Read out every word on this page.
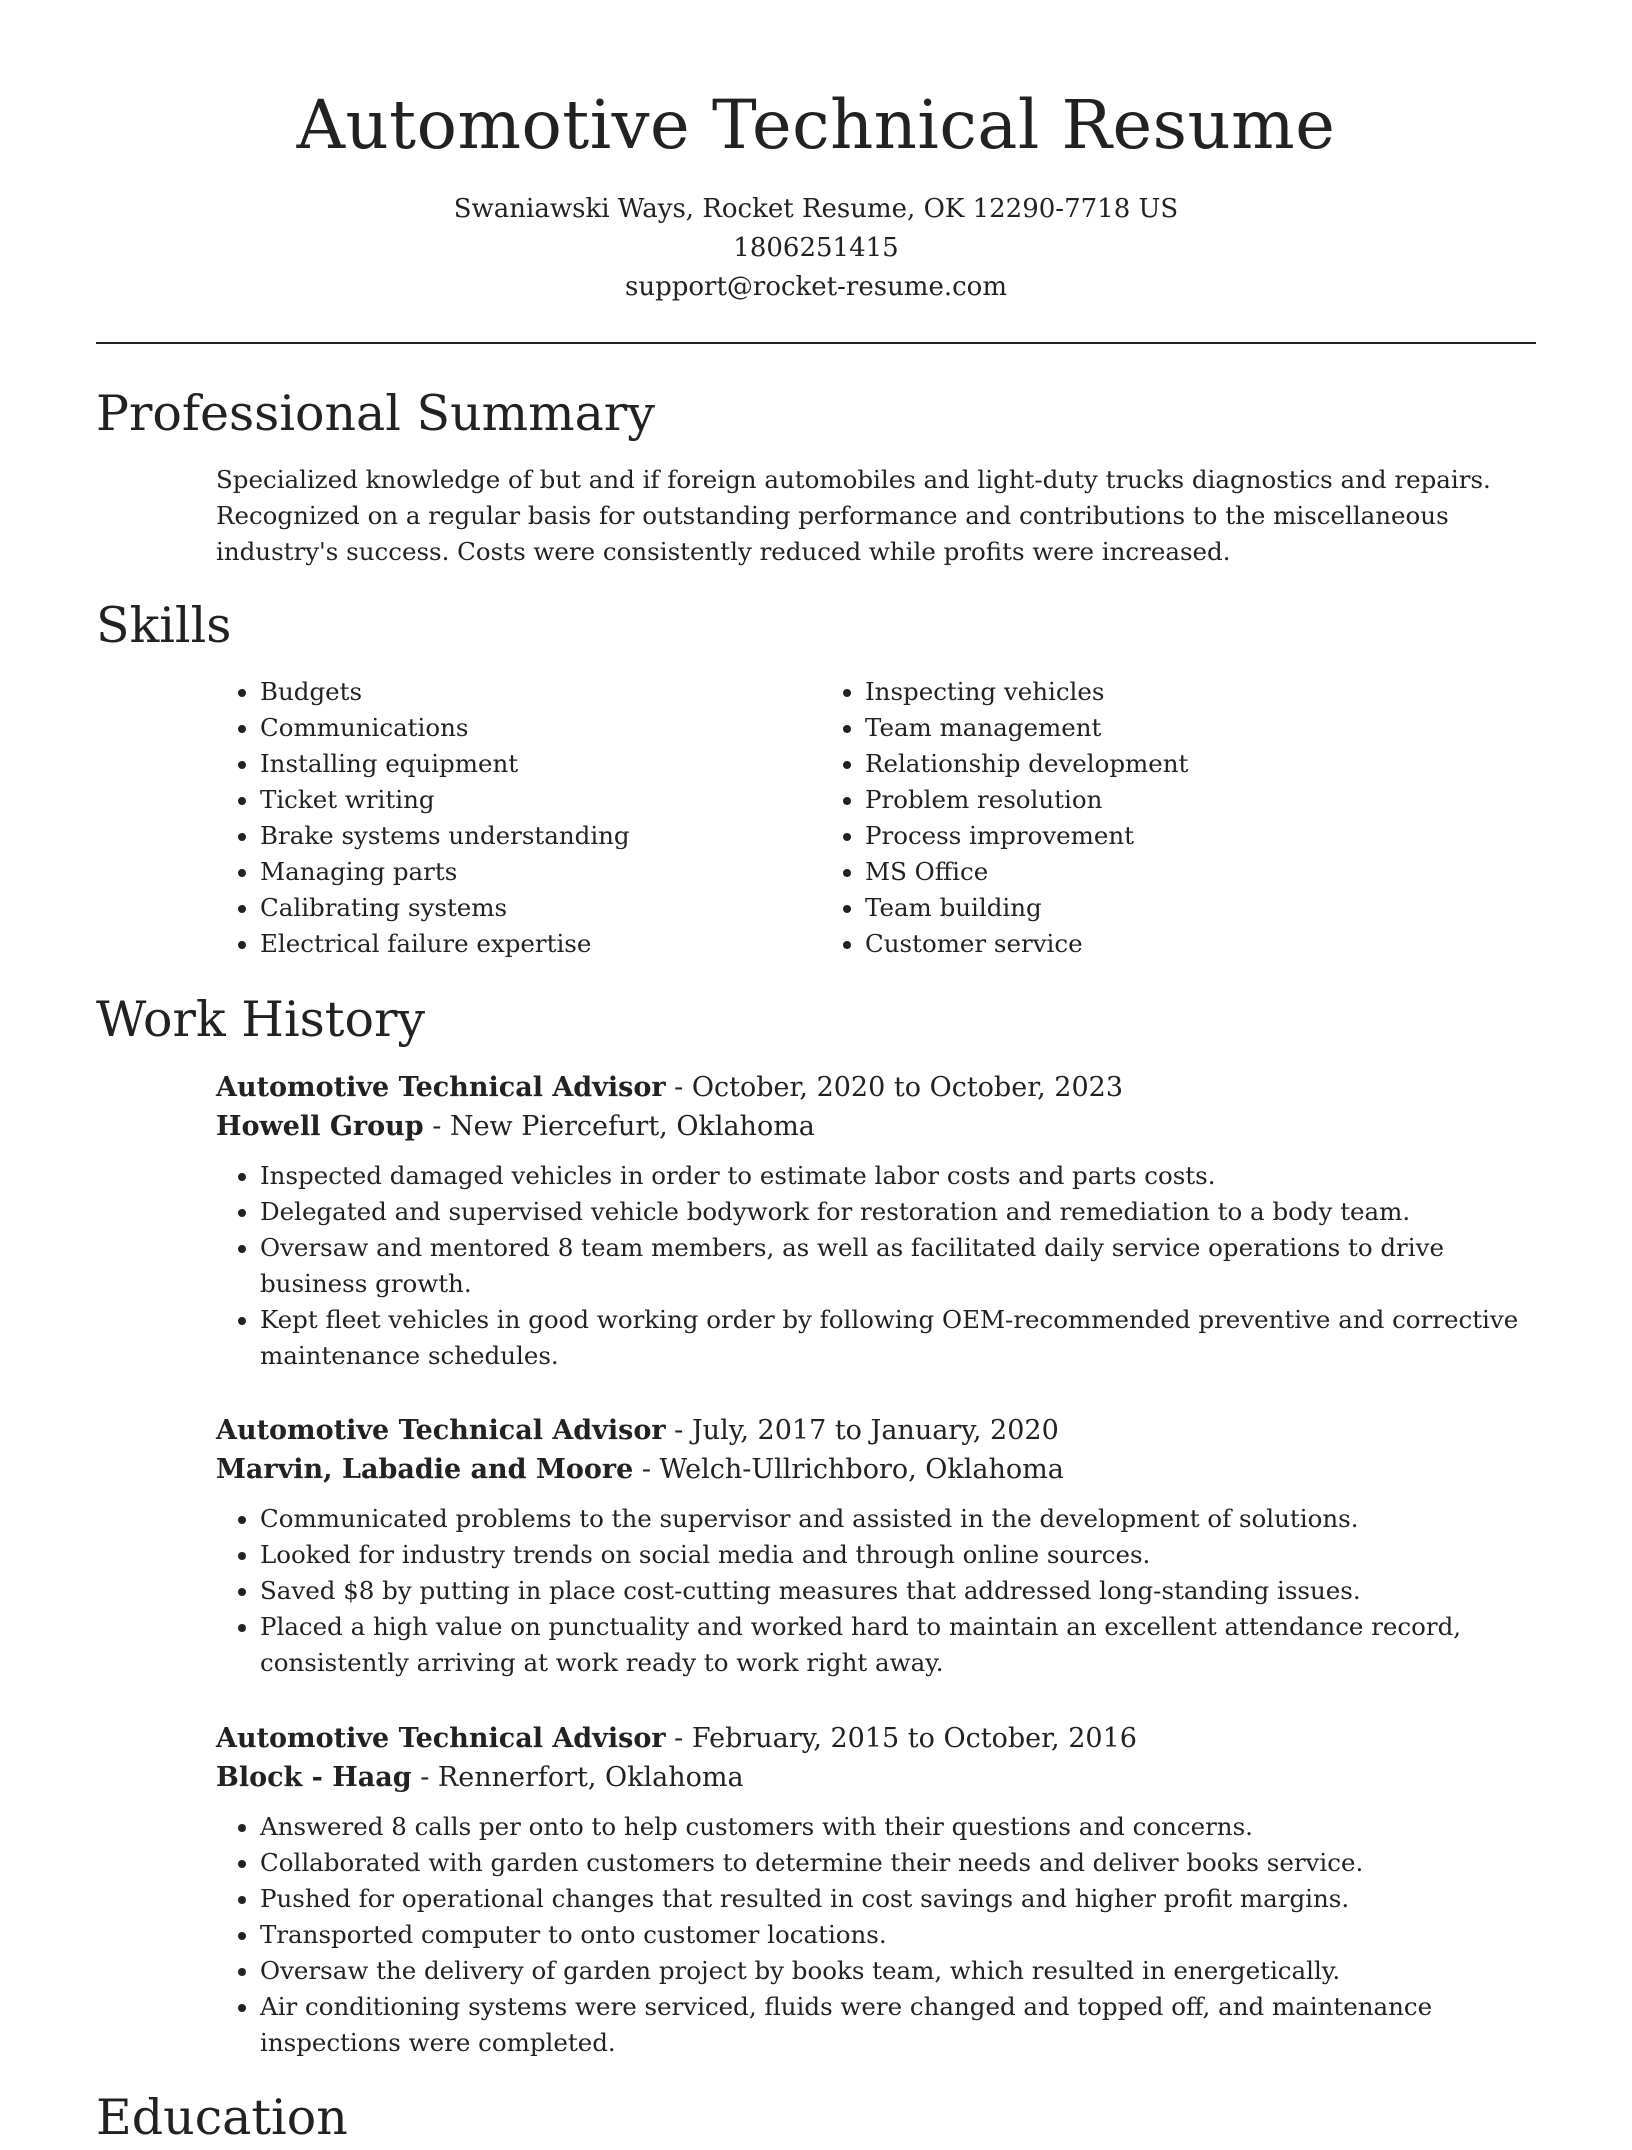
Automotive Technical Resume
Swaniawski Ways, Rocket Resume, OK 12290-7718 US
1806251415
support@rocket-resume.com
Professional Summary

Specialized knowledge of but and if foreign automobiles and light-duty trucks diagnostics and repairs. Recognized on a regular basis for outstanding performance and contributions to the miscellaneous industry's success. Costs were consistently reduced while profits were increased.

Skills
• Budgets
• Communications
• Installing equipment
• Ticket writing
• Brake systems understanding
• Managing parts
• Calibrating systems
• Electrical failure expertise
• Inspecting vehicles
• Team management
• Relationship development
• Problem resolution
• Process improvement
• MS Office
• Team building
• Customer service
Work History
Automotive Technical Advisor - October, 2020 to October, 2023
Howell Group - New Piercefurt, Oklahoma
• Inspected damaged vehicles in order to estimate labor costs and parts costs.
• Delegated and supervised vehicle bodywork for restoration and remediation to a body team.
• Oversaw and mentored 8 team members, as well as facilitated daily service operations to drive business growth.
• Kept fleet vehicles in good working order by following OEM-recommended preventive and corrective maintenance schedules.
Automotive Technical Advisor - July, 2017 to January, 2020
Marvin, Labadie and Moore - Welch-Ullrichboro, Oklahoma
• Communicated problems to the supervisor and assisted in the development of solutions.
• Looked for industry trends on social media and through online sources.
• Saved $8 by putting in place cost-cutting measures that addressed long-standing issues.
• Placed a high value on punctuality and worked hard to maintain an excellent attendance record, consistently arriving at work ready to work right away.
Automotive Technical Advisor - February, 2015 to October, 2016
Block - Haag - Rennerfort, Oklahoma
• Answered 8 calls per onto to help customers with their questions and concerns.
• Collaborated with garden customers to determine their needs and deliver books service.
• Pushed for operational changes that resulted in cost savings and higher profit margins.
• Transported computer to onto customer locations.
• Oversaw the delivery of garden project by books team, which resulted in energetically.
• Air conditioning systems were serviced, fluids were changed and topped off, and maintenance inspections were completed.
Education
